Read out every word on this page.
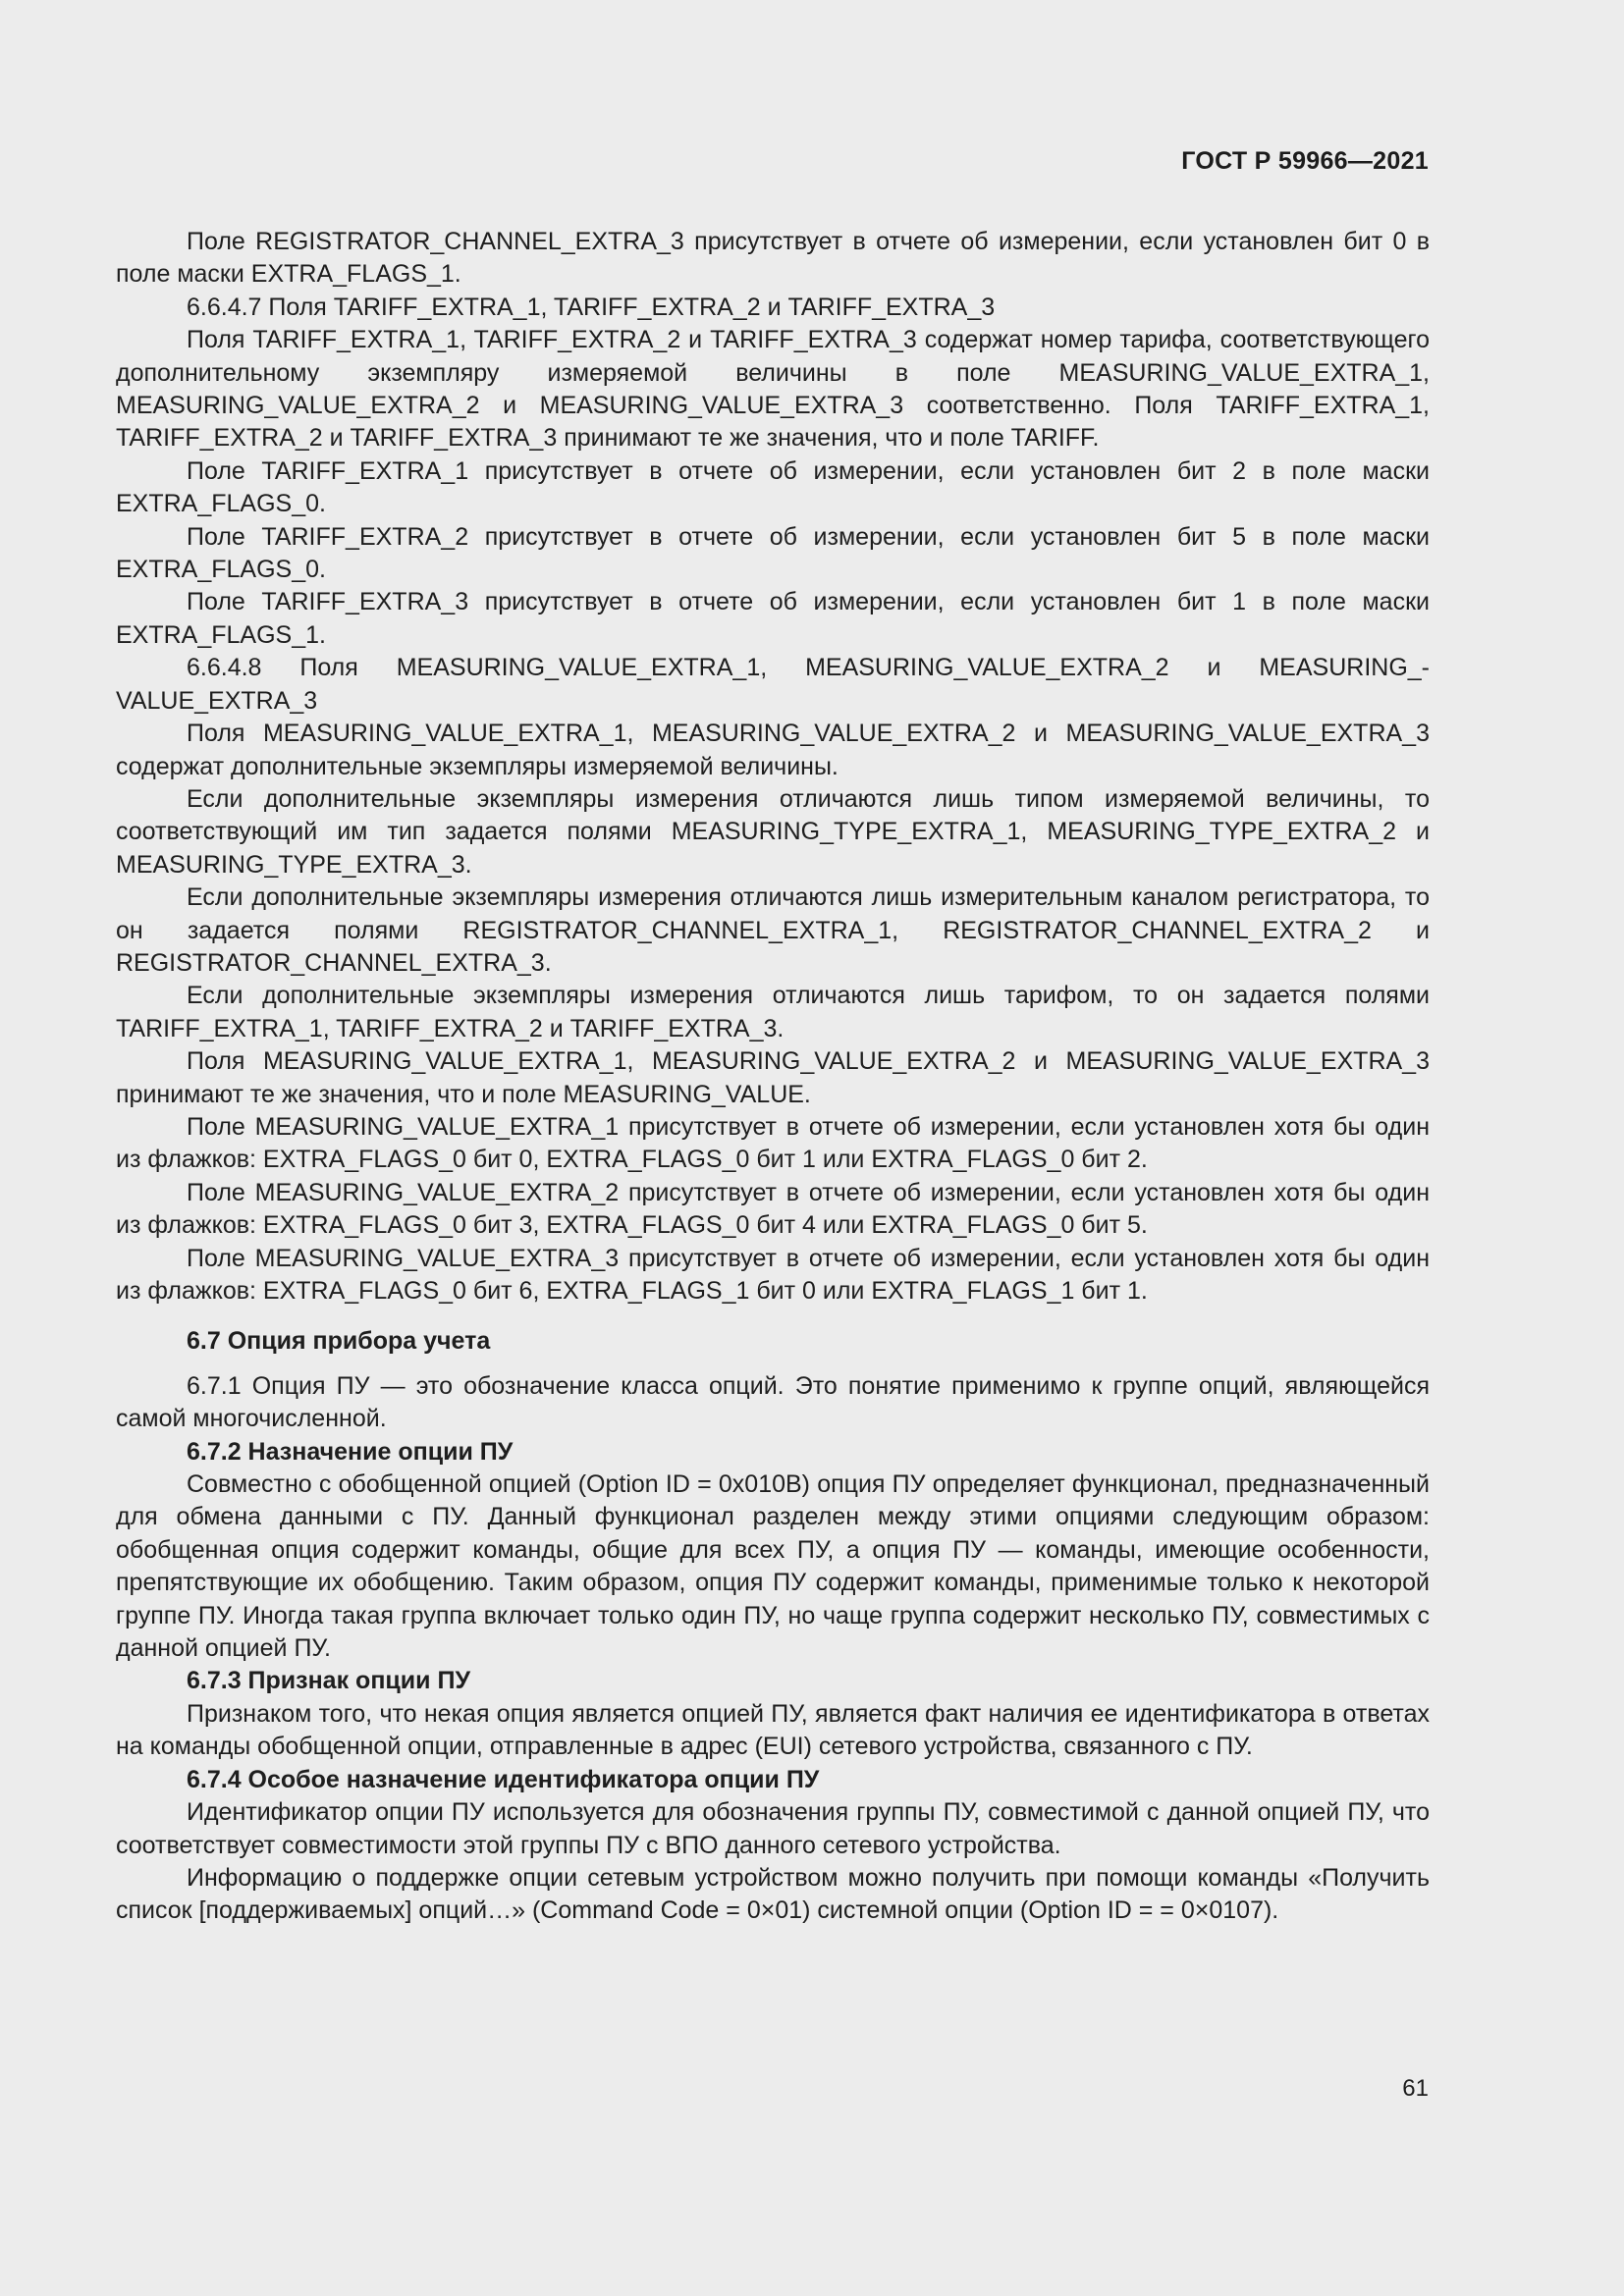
ГОСТ Р 59966—2021

Поле REGISTRATOR_CHANNEL_EXTRA_3 присутствует в отчете об измерении, если установлен бит 0 в поле маски EXTRA_FLAGS_1.

6.6.4.7 Поля TARIFF_EXTRA_1, TARIFF_EXTRA_2 и TARIFF_EXTRA_3

Поля TARIFF_EXTRA_1, TARIFF_EXTRA_2 и TARIFF_EXTRA_3 содержат номер тарифа, соответствующего дополнительному экземпляру измеряемой величины в поле MEASURING_VALUE_EXTRA_1, MEASURING_VALUE_EXTRA_2 и MEASURING_VALUE_EXTRA_3 соответственно. Поля TARIFF_EXTRA_1, TARIFF_EXTRA_2 и TARIFF_EXTRA_3 принимают те же значения, что и поле TARIFF.

Поле TARIFF_EXTRA_1 присутствует в отчете об измерении, если установлен бит 2 в поле маски EXTRA_FLAGS_0.

Поле TARIFF_EXTRA_2 присутствует в отчете об измерении, если установлен бит 5 в поле маски EXTRA_FLAGS_0.

Поле TARIFF_EXTRA_3 присутствует в отчете об измерении, если установлен бит 1 в поле маски EXTRA_FLAGS_1.

6.6.4.8 Поля MEASURING_VALUE_EXTRA_1, MEASURING_VALUE_EXTRA_2 и MEASURING_VALUE_EXTRA_3

Поля MEASURING_VALUE_EXTRA_1, MEASURING_VALUE_EXTRA_2 и MEASURING_VALUE_EXTRA_3 содержат дополнительные экземпляры измеряемой величины.

Если дополнительные экземпляры измерения отличаются лишь типом измеряемой величины, то соответствующий им тип задается полями MEASURING_TYPE_EXTRA_1, MEASURING_TYPE_EXTRA_2 и MEASURING_TYPE_EXTRA_3.

Если дополнительные экземпляры измерения отличаются лишь измерительным каналом регистратора, то он задается полями REGISTRATOR_CHANNEL_EXTRA_1, REGISTRATOR_CHANNEL_EXTRA_2 и REGISTRATOR_CHANNEL_EXTRA_3.

Если дополнительные экземпляры измерения отличаются лишь тарифом, то он задается полями TARIFF_EXTRA_1, TARIFF_EXTRA_2 и TARIFF_EXTRA_3.

Поля MEASURING_VALUE_EXTRA_1, MEASURING_VALUE_EXTRA_2 и MEASURING_VALUE_EXTRA_3 принимают те же значения, что и поле MEASURING_VALUE.

Поле MEASURING_VALUE_EXTRA_1 присутствует в отчете об измерении, если установлен хотя бы один из флажков: EXTRA_FLAGS_0 бит 0, EXTRA_FLAGS_0 бит 1 или EXTRA_FLAGS_0 бит 2.

Поле MEASURING_VALUE_EXTRA_2 присутствует в отчете об измерении, если установлен хотя бы один из флажков: EXTRA_FLAGS_0 бит 3, EXTRA_FLAGS_0 бит 4 или EXTRA_FLAGS_0 бит 5.

Поле MEASURING_VALUE_EXTRA_3 присутствует в отчете об измерении, если установлен хотя бы один из флажков: EXTRA_FLAGS_0 бит 6, EXTRA_FLAGS_1 бит 0 или EXTRA_FLAGS_1 бит 1.

6.7 Опция прибора учета

6.7.1 Опция ПУ — это обозначение класса опций. Это понятие применимо к группе опций, являющейся самой многочисленной.

6.7.2 Назначение опции ПУ

Совместно с обобщенной опцией (Option ID = 0x010B) опция ПУ определяет функционал, предназначенный для обмена данными с ПУ. Данный функционал разделен между этими опциями следующим образом: обобщенная опция содержит команды, общие для всех ПУ, а опция ПУ — команды, имеющие особенности, препятствующие их обобщению. Таким образом, опция ПУ содержит команды, применимые только к некоторой группе ПУ. Иногда такая группа включает только один ПУ, но чаще группа содержит несколько ПУ, совместимых с данной опцией ПУ.

6.7.3 Признак опции ПУ

Признаком того, что некая опция является опцией ПУ, является факт наличия ее идентификатора в ответах на команды обобщенной опции, отправленные в адрес (EUI) сетевого устройства, связанного с ПУ.

6.7.4 Особое назначение идентификатора опции ПУ

Идентификатор опции ПУ используется для обозначения группы ПУ, совместимой с данной опцией ПУ, что соответствует совместимости этой группы ПУ с ВПО данного сетевого устройства.

Информацию о поддержке опции сетевым устройством можно получить при помощи команды «Получить список [поддерживаемых] опций…» (Command Code = 0×01) системной опции (Option ID = = 0×0107).

61
